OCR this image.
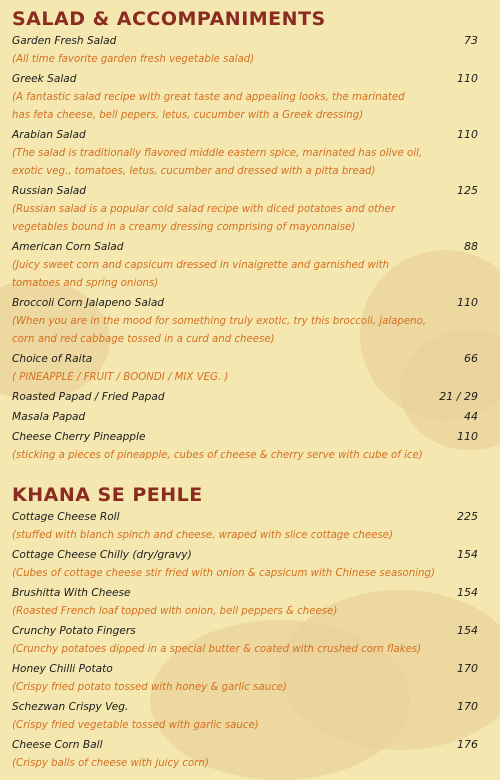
SALAD & ACCOMPANIMENTS
Garden Fresh Salad	73
(All time favorite garden fresh vegetable salad)
Greek Salad	110
(A fantastic salad recipe with great taste and appealing looks, the marinated
has feta cheese, bell pepers, letus, cucumber with a Greek dressing)
Arabian Salad	110
(The salad is traditionally flavored middle eastern spice, marinated has olive oil,
exotic veg., tomatoes, letus, cucumber and dressed with a pitta bread)
Russian Salad	125
(Russian salad is a popular cold salad recipe with diced potatoes and other
vegetables bound in a creamy dressing comprising of mayonnaise)
American Corn Salad	88
(Juicy sweet corn and capsicum dressed in vinaigrette and garnished with
tomatoes and spring onions)
Broccoli Corn Jalapeno Salad	110
(When you are in the mood for something truly exotic, try this broccoli, jalapeno,
corn and red cabbage tossed in a curd and cheese)
Choice of Raita	66
( PINEAPPLE / FRUIT / BOONDI / MIX VEG. )
Roasted Papad / Fried Papad	21 / 29
Masala Papad	44
Cheese Cherry Pineapple	110
(sticking a pieces of pineapple, cubes of cheese & cherry serve with cube of ice)
KHANA SE PEHLE
Cottage Cheese Roll	225
(stuffed with blanch spinch and cheese, wraped with slice cottage cheese)
Cottage Cheese Chilly (dry/gravy)	154
(Cubes of cottage cheese stir fried with onion & capsicum with Chinese seasoning)
Brushitta With Cheese	154
(Roasted French loaf topped with onion, bell peppers & cheese)
Crunchy Potato Fingers	154
(Crunchy potatoes dipped in a special butter & coated with crushed corn flakes)
Honey Chilli Potato	170
(Crispy fried potato tossed with honey & garlic sauce)
Schezwan Crispy Veg.	170
(Crispy fried vegetable tossed with garlic sauce)
Cheese Corn Ball	176
(Crispy balls of cheese with juicy corn)
